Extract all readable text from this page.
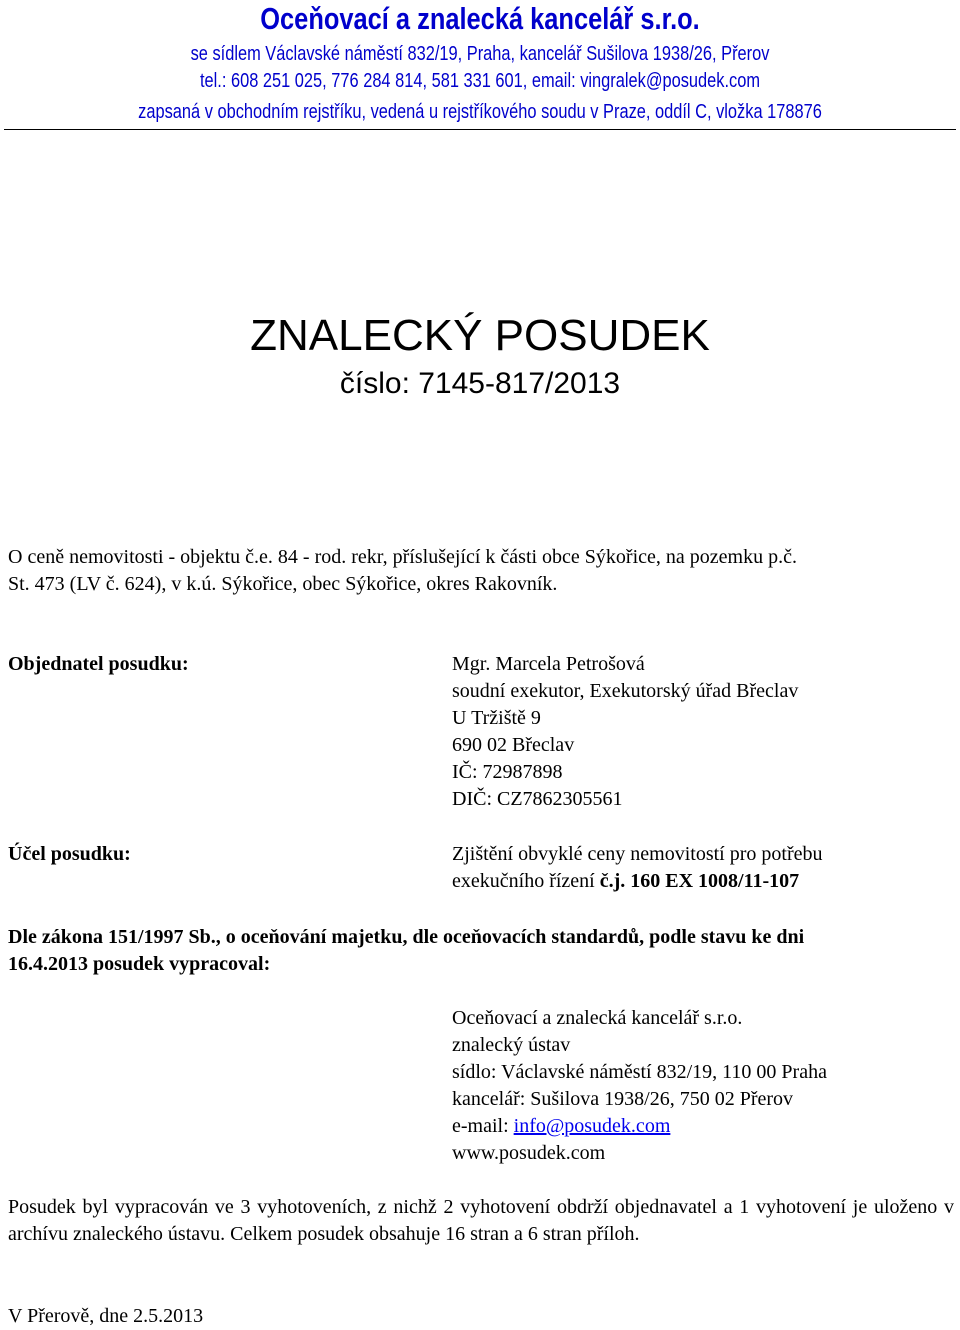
Oceňovací a znalecká kancelář s.r.o.
se sídlem Václavské náměstí 832/19, Praha, kancelář Sušilova 1938/26, Přerov
tel.: 608 251 025, 776 284 814, 581 331 601, email: vingralek@posudek.com
zapsaná v obchodním rejstříku, vedená u rejstříkového soudu v Praze, oddíl C, vložka 178876
ZNALECKÝ POSUDEK
číslo: 7145-817/2013
O ceně nemovitosti - objektu č.e. 84 - rod. rekr, příslušející k části obce Sýkořice, na pozemku p.č.
St. 473 (LV č. 624), v k.ú. Sýkořice, obec Sýkořice, okres Rakovník.
Objednatel posudku:	Mgr. Marcela Petrošová
soudní exekutor, Exekutorský úřad Břeclav
U Tržiště 9
690 02 Břeclav
IČ: 72987898
DIČ: CZ7862305561
Účel posudku:	Zjištění obvyklé ceny nemovitostí pro potřebu
exekučního řízení č.j. 160 EX 1008/11-107
Dle zákona 151/1997 Sb., o oceňování majetku, dle oceňovacích standardů, podle stavu ke dni
16.4.2013 posudek vypracoval:
Oceňovací a znalecká kancelář s.r.o.
znalecký ústav
sídlo: Václavské náměstí 832/19, 110 00 Praha
kancelář: Sušilova 1938/26, 750 02 Přerov
e-mail: info@posudek.com
www.posudek.com
Posudek byl vypracován ve 3 vyhotoveních, z nichž 2 vyhotovení obdrží objednavatel a 1 vyhotovení je uloženo v archívu znaleckého ústavu. Celkem posudek obsahuje 16 stran a 6 stran příloh.
V Přerově, dne 2.5.2013
